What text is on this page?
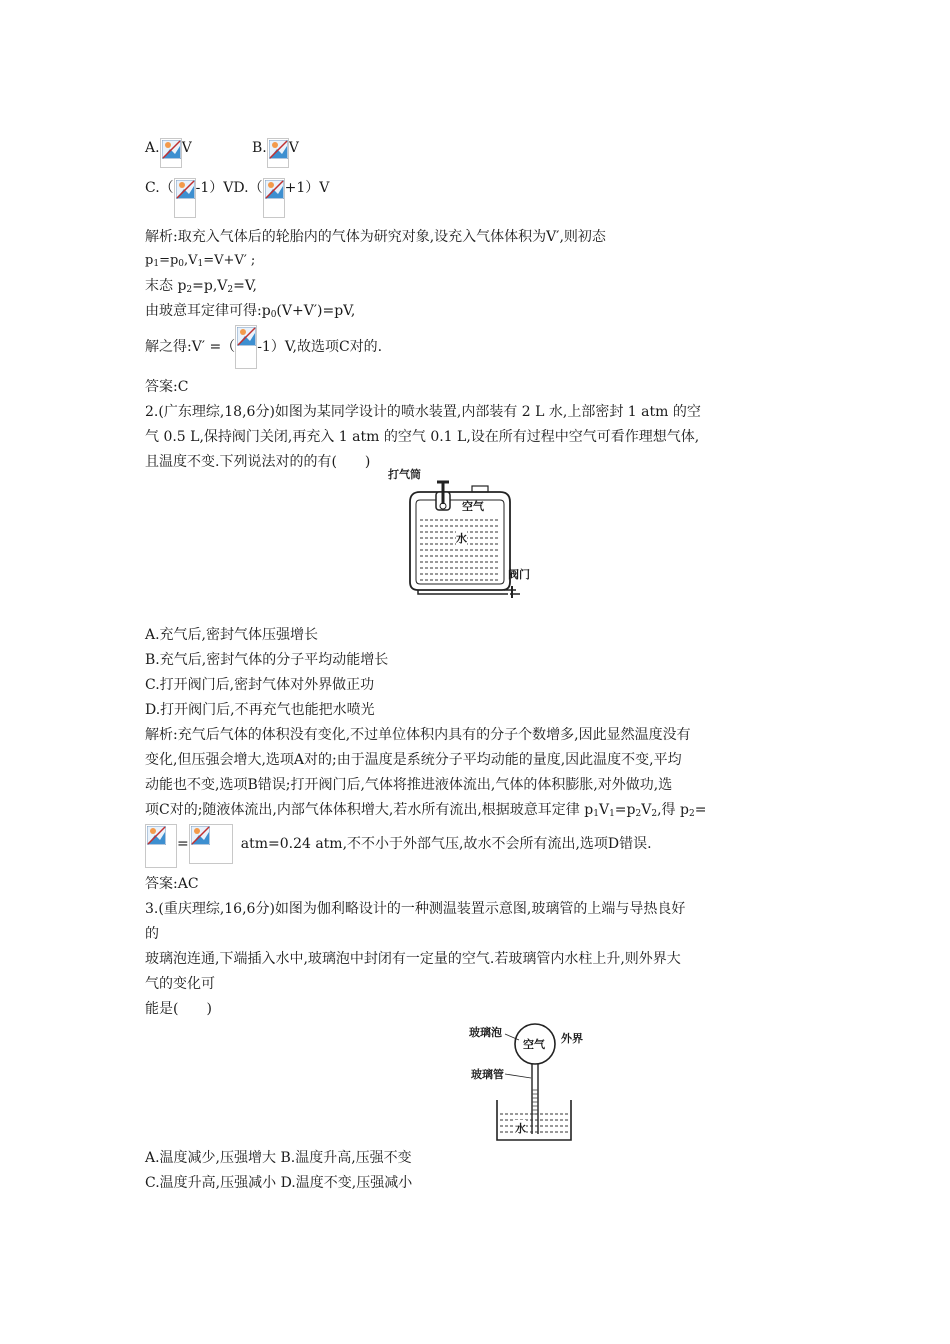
A. V	B. V
C.（ -1）VD.（ +1）V
解析:取充入气体后的轮胎内的气体为研究对象,设充入气体体积为V′,则初态
$p_1=p_0,V_1=V+V'$ ;
末态 $p_2=p,V_2=V$,
由玻意耳定律可得$:p_0(V+V')=pV$,
解之得:V′ =（ -1）V,故选项C对的.
答案:C
2.(广东理综,18,6分)如图为某同学设计的喷水装置,内部装有 2 L 水,上部密封 1 atm 的空
气 0.5 L,保持阀门关闭,再充入 1 atm 的空气 0.1 L,设在所有过程中空气可看作理想气体,
且温度不变.下列说法对的的有(　　)
打气筒
空气
水
阀门
A.充气后,密封气体压强增长
B.充气后,密封气体的分子平均动能增长
C.打开阀门后,密封气体对外界做正功
D.打开阀门后,不再充气也能把水喷光
解析:充气后气体的体积没有变化,不过单位体积内具有的分子个数增多,因此显然温度没有
变化,但压强会增大,选项A对的;由于温度是系统分子平均动能的量度,因此温度不变,平均
动能也不变,选项B错误;打开阀门后,气体将推进液体流出,气体的体积膨胀,对外做功,选
项C对的;随液体流出,内部气体体积增大,若水所有流出,根据玻意耳定律 $p_1V_1=p_2V_2$,得 $p_2=$
=	atm=0.24 atm,不不小于外部气压,故水不会所有流出,选项D错误.
答案:AC
3.(重庆理综,16,6分)如图为伽利略设计的一种测温装置示意图,玻璃管的上端与导热良好
的
玻璃泡连通,下端插入水中,玻璃泡中封闭有一定量的空气.若玻璃管内水柱上升,则外界大
气的变化可
能是(　　)
玻璃泡
空气 外界
玻璃管
水
A.温度减少,压强增大 B.温度升高,压强不变
C.温度升高,压强减小 D.温度不变,压强减小
